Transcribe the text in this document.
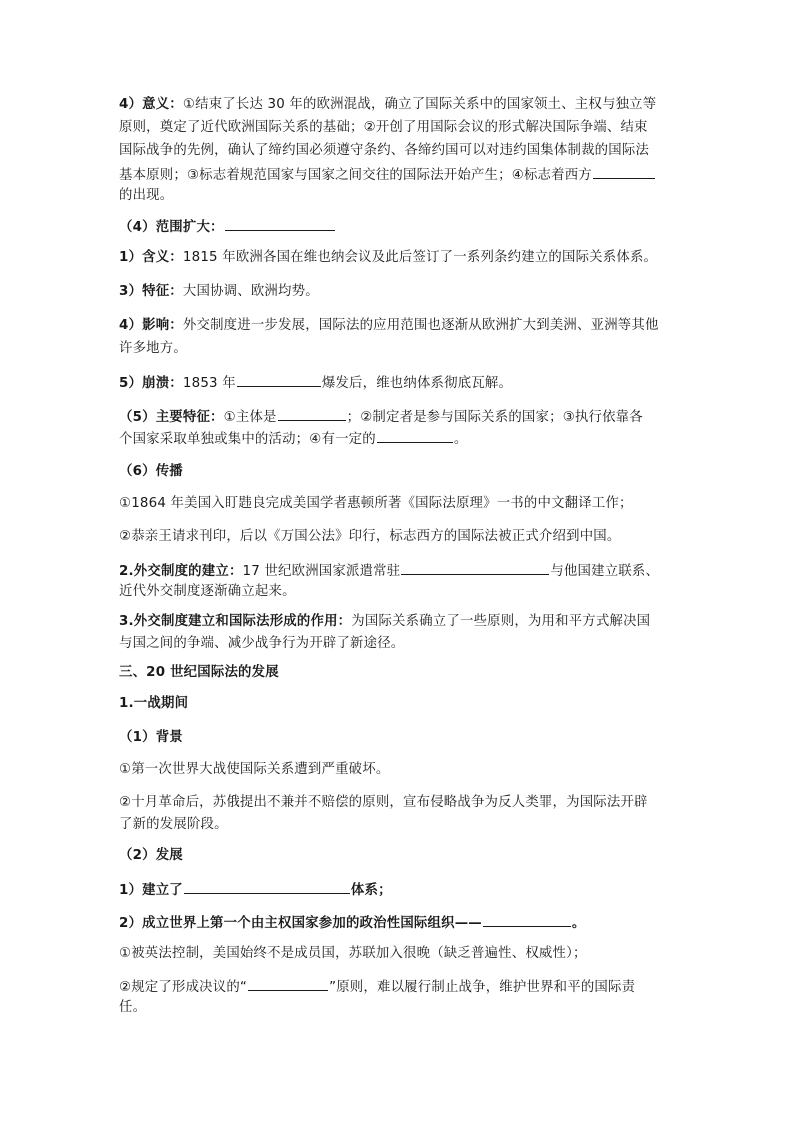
4）意义：①结束了长达 30 年的欧洲混战，确立了国际关系中的国家领土、主权与独立等
原则，奠定了近代欧洲国际关系的基础；②开创了用国际会议的形式解决国际争端、结束
国际战争的先例，确认了缔约国必须遵守条约、各缔约国可以对违约国集体制裁的国际法
基本原则；③标志着规范国家与国家之间交往的国际法开始产生；④标志着西方
的出现。
（4）范围扩大：
1）含义：1815 年欧洲各国在维也纳会议及此后签订了一系列条约建立的国际关系体系。
3）特征：大国协调、欧洲均势。
4）影响：外交制度进一步发展，国际法的应用范围也逐渐从欧洲扩大到美洲、亚洲等其他
许多地方。
5）崩溃：1853 年	爆发后，维也纳体系彻底瓦解。
（5）主要特征：①主体是	；②制定者是参与国际关系的国家；③执行依靠各
个国家采取单独或集中的活动；④有一定的	。
（6）传播
①1864 年美国入盯韪良完成美国学者惠顿所著《国际法原理》一书的中文翻译工作；
②恭亲王请求刊印，后以《万国公法》印行，标志西方的国际法被正式介绍到中国。
2.外交制度的建立：17 世纪欧洲国家派遣常驻	与他国建立联系、
近代外交制度逐渐确立起来。
3.外交制度建立和国际法形成的作用：为国际关系确立了一些原则，为用和平方式解决国
与国之间的争端、减少战争行为开辟了新途径。
三、20 世纪国际法的发展
1.一战期间
（1）背景
①第一次世界大战使国际关系遭到严重破坏。
②十月革命后，苏俄提出不兼并不赔偿的原则，宣布侵略战争为反人类罪，为国际法开辟
了新的发展阶段。
（2）发展
1）建立了	体系；
2）成立世界上第一个由主权国家参加的政治性国际组织——	。
①被英法控制，美国始终不是成员国，苏联加入很晚（缺乏普遍性、权威性）；
②规定了形成决议的“	”原则，难以履行制止战争，维护世界和平的国际责
任。
